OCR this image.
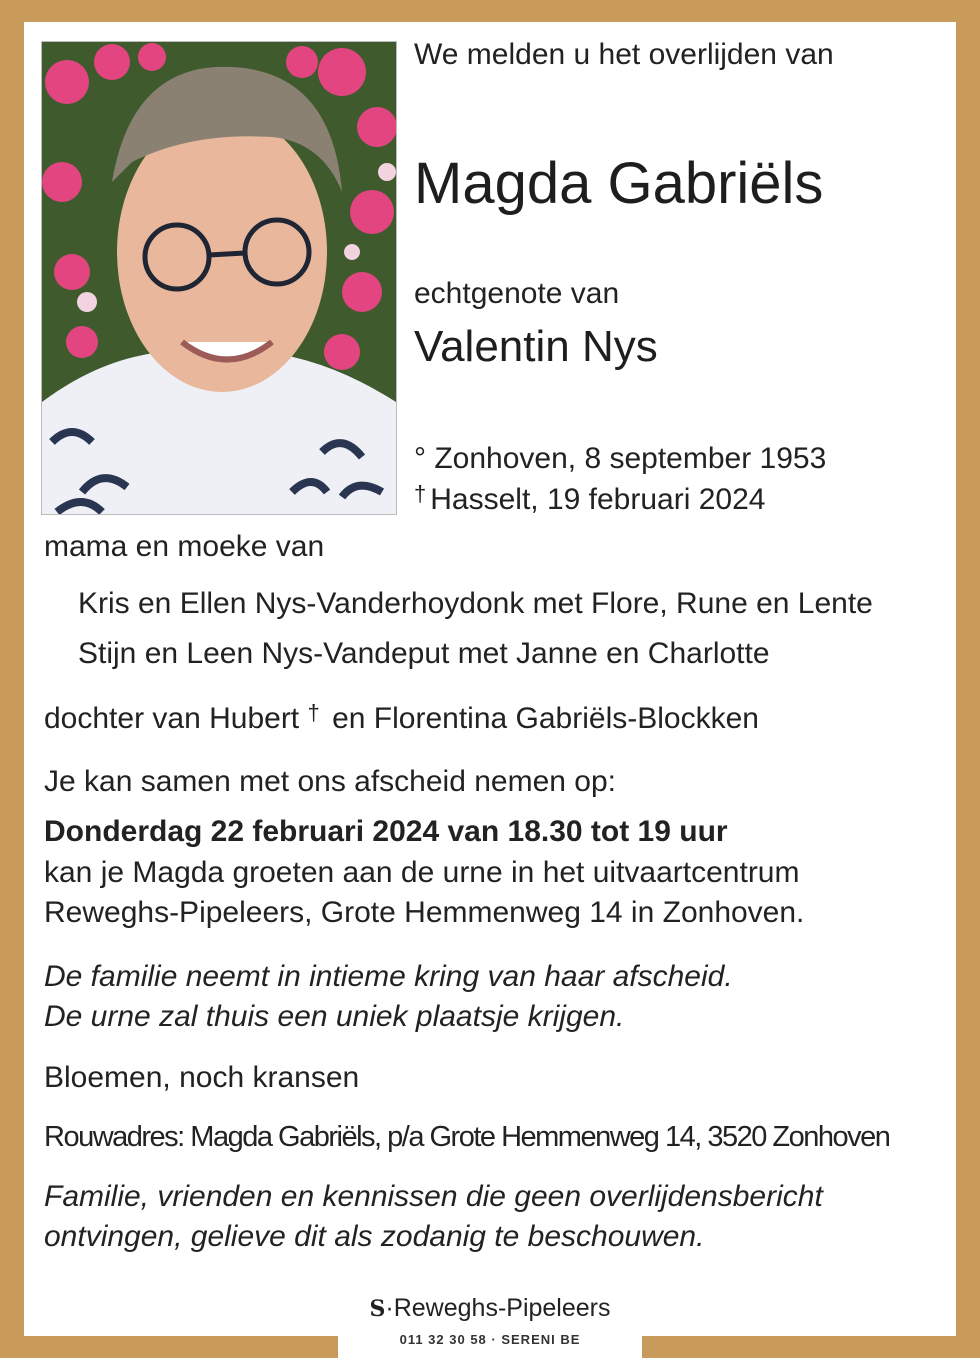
We melden u het overlijden van
Magda Gabriëls
echtgenote van
Valentin Nys
° Zonhoven, 8 september 1953
† Hasselt, 19 februari 2024
mama en moeke van
Kris en Ellen Nys-Vanderhoydonk met Flore, Rune en Lente
Stijn en Leen Nys-Vandeput met Janne en Charlotte
dochter van Hubert † en Florentina Gabriëls-Blockken
Je kan samen met ons afscheid nemen op:
Donderdag 22 februari 2024 van 18.30 tot 19 uur
kan je Magda groeten aan de urne in het uitvaartcentrum
Reweghs-Pipeleers, Grote Hemmenweg 14 in Zonhoven.
De familie neemt in intieme kring van haar afscheid.
De urne zal thuis een uniek plaatsje krijgen.
Bloemen, noch kransen
Rouwadres: Magda Gabriëls, p/a Grote Hemmenweg 14, 3520 Zonhoven
Familie, vrienden en kennissen die geen overlijdensbericht
ontvingen, gelieve dit als zodanig te beschouwen.
S·Reweghs-Pipeleers
011 32 30 58 · SERENI BE
